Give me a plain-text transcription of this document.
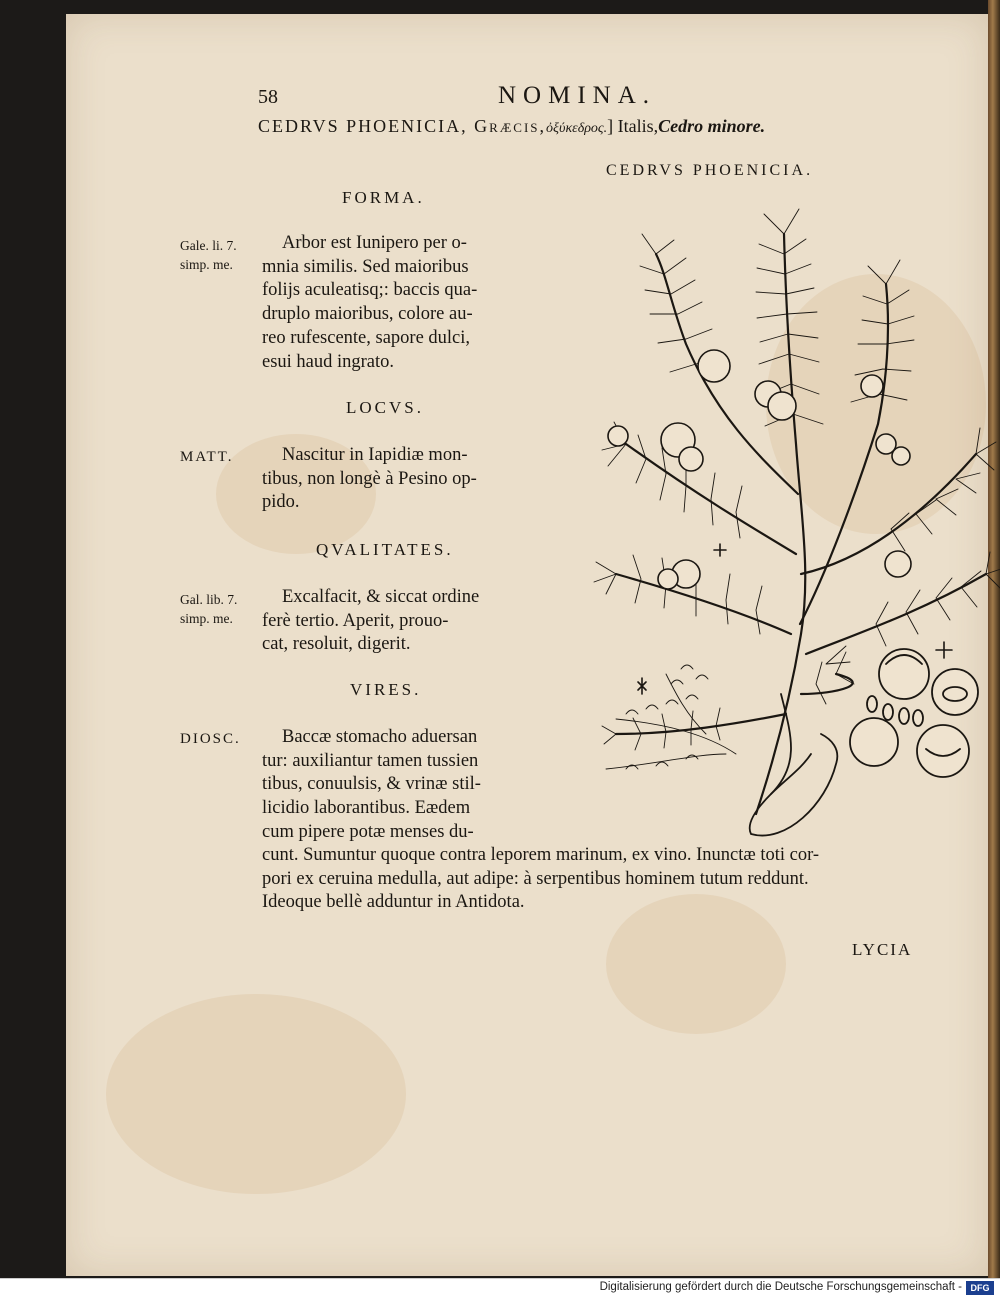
58	NOMINA.
CEDRVS PHOENICIA, Græcis,ὀξύκεδρος.] Italis,Cedro minore.
CEDRVS PHOENICIA.
FORMA.
Gale. li. 7.
simp. me.
Arbor est Iunipero per o-
mnia similis. Sed maioribus
folijs aculeatisq;: baccis qua-
druplo maioribus, colore au-
reo rufescente, sapore dulci,
esui haud ingrato.
LOCVS.
MATT.	Nascitur in Iapidiæ mon-
tibus, non longè à Pesino op-
pido.
QVALITATES.
Gal. lib. 7.
simp. me.
Excalfacit, & siccat ordine
ferè tertio. Aperit, prouo-
cat, resoluit, digerit.
VIRES.
DIOSC.	Baccæ stomacho aduersan
tur: auxiliantur tamen tussien
tibus, conuulsis, & vrinæ stil-
licidio laborantibus. Eædem
cum pipere potæ menses du-
cunt. Sumuntur quoque contra leporem marinum, ex vino. Inunctæ toti cor-
pori ex ceruina medulla, aut adipe: à serpentibus hominem tutum reddunt.
Ideoque bellè adduntur in Antidota.
LYCIA
Digitalisierung gefördert durch die Deutsche Forschungsgemeinschaft - DFG
